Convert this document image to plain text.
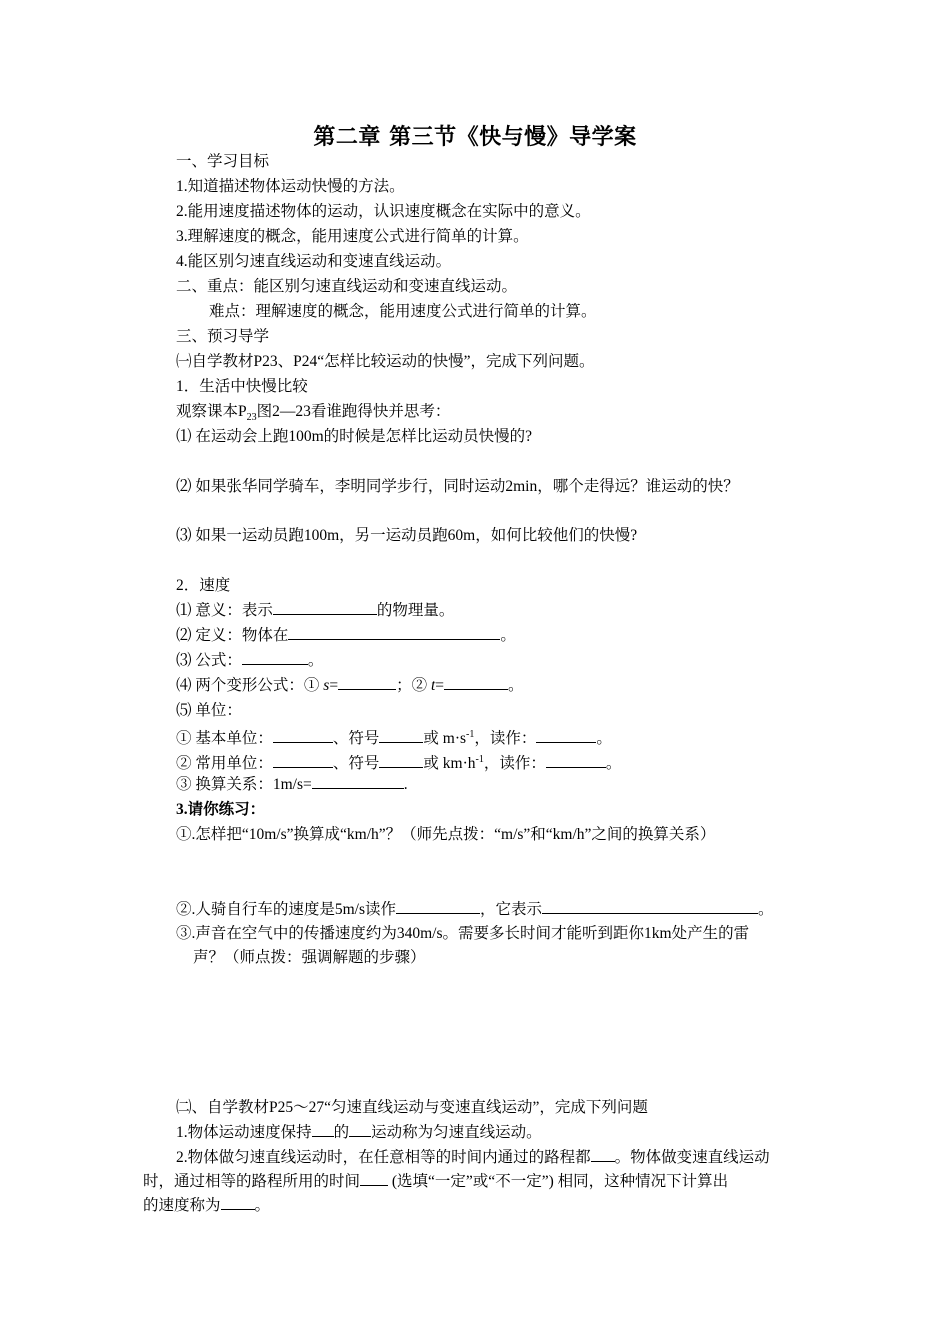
第二章 第三节《快与慢》导学案
一、学习目标
1.知道描述物体运动快慢的方法。
2.能用速度描述物体的运动，认识速度概念在实际中的意义。
3.理解速度的概念，能用速度公式进行简单的计算。
4.能区别匀速直线运动和变速直线运动。
二、重点：能区别匀速直线运动和变速直线运动。
难点：理解速度的概念，能用速度公式进行简单的计算。
三、预习导学
㈠自学教材P23、P24“怎样比较运动的快慢”，完成下列问题。
1．生活中快慢比较
观察课本$P_{23}$图2—23看谁跑得快并思考：
⑴ 在运动会上跑100m的时候是怎样比运动员快慢的?
⑵ 如果张华同学骑车，李明同学步行，同时运动2min，哪个走得远？谁运动的快？
⑶ 如果一运动员跑100m，另一运动员跑60m，如何比较他们的快慢?
2．速度
⑴ 意义：表示	的物理量。
⑵ 定义：物体在	。
⑶ 公式：	。
⑷ 两个变形公式：① s=	；② t=	。
⑸ 单位：
① 基本单位：	、符号	或 $m\cdot s^{-1}$，读作：	。
② 常用单位：	、符号	或 $km\cdot h^{-1}$，读作：	。
③ 换算关系：1m/s=	.
3.请你练习：
①.怎样把“10m/s”换算成“km/h”？（师先点拨：“m/s”和“km/h”之间的换算关系）
②.人骑自行车的速度是5m/s读作	，它表示	。
③.声音在空气中的传播速度约为340m/s。需要多长时间才能听到距你1km处产生的雷
声？（师点拨：强调解题的步骤）
㈡、自学教材P25～27“匀速直线运动与变速直线运动”，完成下列问题
1.物体运动速度保持 的 运动称为匀速直线运动。
2.物体做匀速直线运动时，在任意相等的时间内通过的路程都 。物体做变速直线运动
时，通过相等的路程所用的时间 (选填“一定”或“不一定”) 相同，这种情况下计算出
的速度称为 。
